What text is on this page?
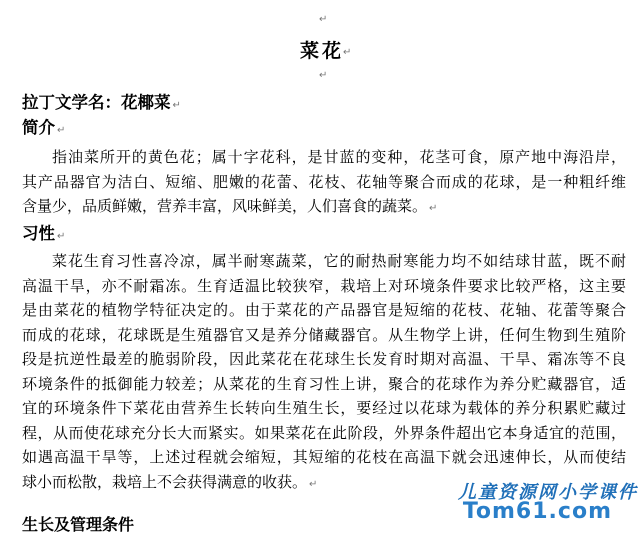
↵
菜花
↵
↵
拉丁文学名：花椰菜 ↵
简介 ↵
指油菜所开的黄色花；属十字花科，是甘蓝的变种，花茎可食，原产地中海沿岸，
其产品器官为洁白、短缩、肥嫩的花蕾、花枝、花轴等聚合而成的花球，是一种粗纤维
含量少，品质鲜嫩，营养丰富，风味鲜美，人们喜食的蔬菜。 ↵
习性 ↵
菜花生育习性喜冷凉，属半耐寒蔬菜，它的耐热耐寒能力均不如结球甘蓝，既不耐
高温干旱，亦不耐霜冻。生育适温比较狭窄，栽培上对环境条件要求比较严格，这主要
是由菜花的植物学特征决定的。由于菜花的产品器官是短缩的花枝、花轴、花蕾等聚合
而成的花球，花球既是生殖器官又是养分储藏器官。从生物学上讲，任何生物到生殖阶
段是抗逆性最差的脆弱阶段，因此菜花在花球生长发育时期对高温、干旱、霜冻等不良
环境条件的抵御能力较差；从菜花的生育习性上讲，聚合的花球作为养分贮藏器官，适
宜的环境条件下菜花由营养生长转向生殖生长，要经过以花球为载体的养分积累贮藏过
程，从而使花球充分长大而紧实。如果菜花在此阶段，外界条件超出它本身适宜的范围，
如遇高温干旱等，上述过程就会缩短，其短缩的花枝在高温下就会迅速伸长，从而使结
球小而松散，栽培上不会获得满意的收获。 ↵
生长及管理条件
儿童资源网小学课件
Tom61.com
